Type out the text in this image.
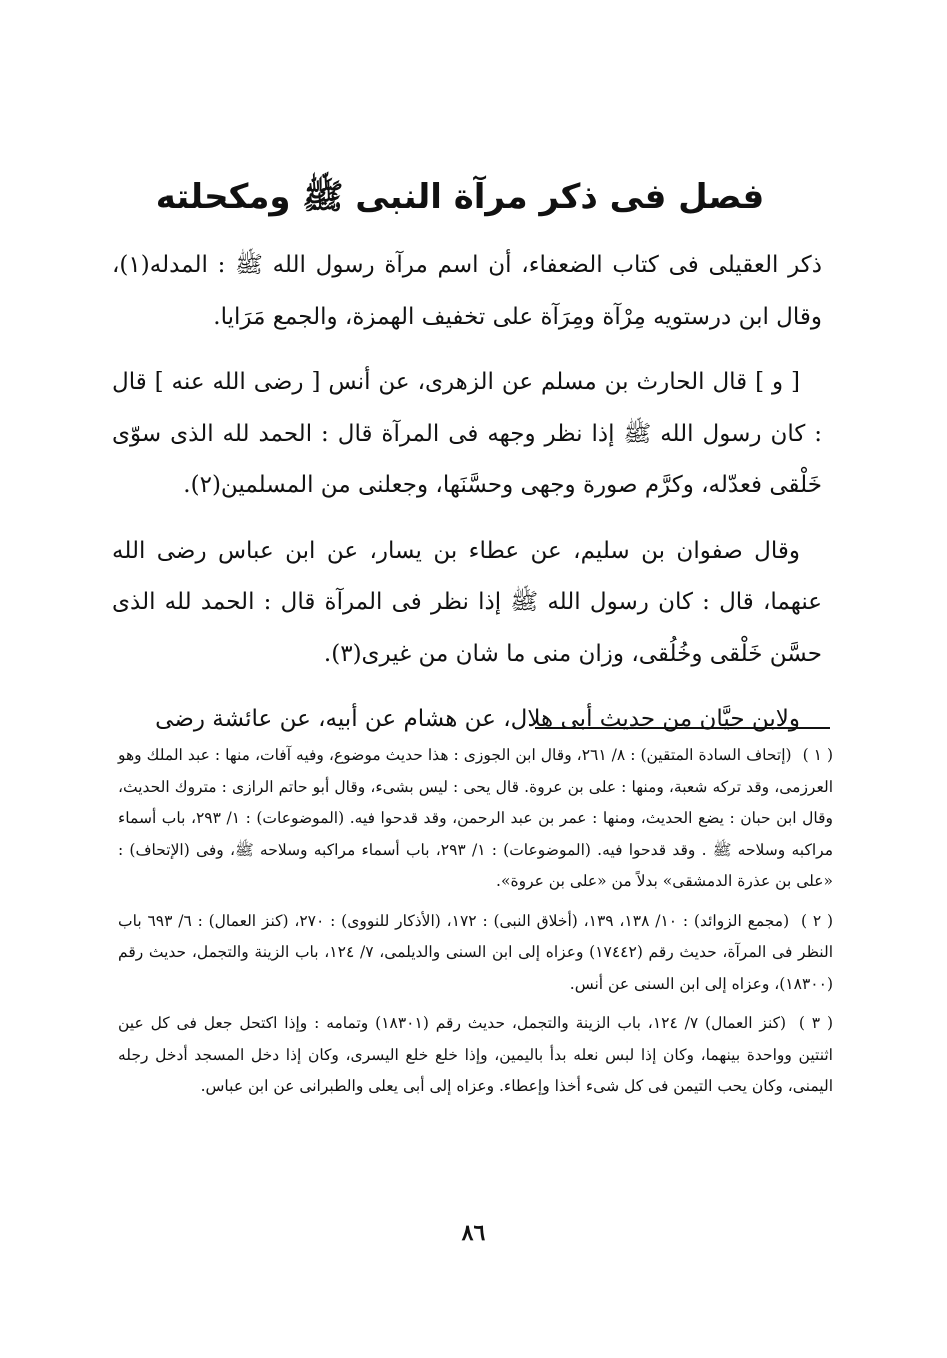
فصل فى ذكر مرآة النبى ﷺ ومكحلته

ذكر العقيلى فى كتاب الضعفاء، أن اسم مرآة رسول الله ﷺ : المدله(١)، وقال ابن درستويه مِرْآة ومِرَآة على تخفيف الهمزة، والجمع مَرَايا.

[ و ] قال الحارث بن مسلم عن الزهرى، عن أنس [ رضى الله عنه ] قال : كان رسول الله ﷺ إذا نظر وجهه فى المرآة قال : الحمد لله الذى سوّى خَلْقى فعدّله، وكرَّم صورة وجهى وحسَّنَها، وجعلنى من المسلمين(٢).

وقال صفوان بن سليم، عن عطاء بن يسار، عن ابن عباس رضى الله عنهما، قال : كان رسول الله ﷺ إذا نظر فى المرآة قال : الحمد لله الذى حسَّن خَلْقى وخُلُقى، وزان منى ما شان من غيرى(٣).

ولابن حيَّان من حديث أبى هلال، عن هشام عن أبيه، عن عائشة رضى

( ١ ) (إتحاف السادة المتقين) : ٨/ ٢٦١، وقال ابن الجوزى : هذا حديث موضوع، وفيه آفات، منها : عبد الملك وهو العرزمى، وقد تركه شعبة، ومنها : على بن عروة. قال يحى : ليس بشىء، وقال أبو حاتم الرازى : متروك الحديث، وقال ابن حبان : يضع الحديث، ومنها : عمر بن عبد الرحمن، وقد قدحوا فيه. (الموضوعات) : ١/ ٢٩٣، باب أسماء مراكبه وسلاحه ﷺ . وقد قدحوا فيه. (الموضوعات) : ١/ ٢٩٣، باب أسماء مراكبه وسلاحه ﷺ، وفى (الإتحاف) : «على بن عذرة الدمشقى» بدلاً من «على بن عروة».
( ٢ ) (مجمع الزوائد) : ١٠/ ١٣٨، ١٣٩، (أخلاق النبى) : ١٧٢، (الأذكار للنووى) : ٢٧٠، (كنز العمال) : ٦/ ٦٩٣ باب النظر فى المرآة، حديث رقم (١٧٤٤٢) وعزاه إلى ابن السنى والديلمى، ٧/ ١٢٤، باب الزينة والتجمل، حديث رقم (١٨٣٠٠)، وعزاه إلى ابن السنى عن أنس.
( ٣ ) (كنز العمال) ٧/ ١٢٤، باب الزينة والتجمل، حديث رقم (١٨٣٠١) وتمامه : وإذا اكتحل جعل فى كل عين اثنتين وواحدة بينهما، وكان إذا لبس نعله بدأ باليمين، وإذا خلع خلع اليسرى، وكان إذا دخل المسجد أدخل رجله اليمنى، وكان يحب التيمن فى كل شىء أخذا وإعطاء. وعزاه إلى أبى يعلى والطبرانى عن ابن عباس.
٨٦
